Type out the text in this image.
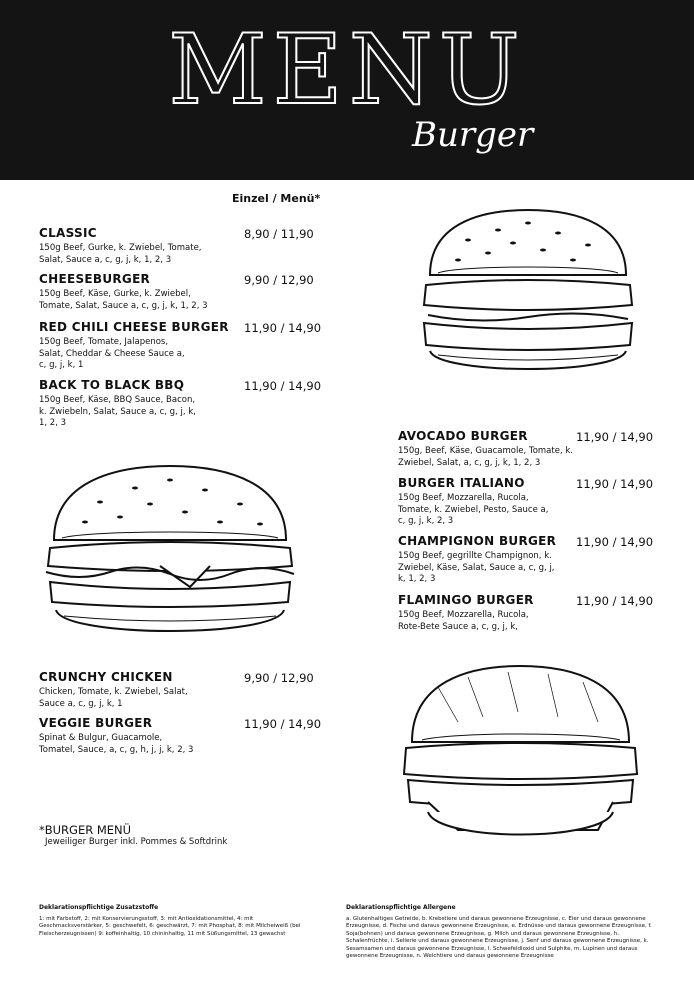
MENU
Burger
Einzel / Menü*
CLASSIC
150g Beef, Gurke, k. Zwiebel, Tomate, Salat, Sauce a, c, g, j, k, 1, 2, 3
8,90 / 11,90
CHEESEBURGER
150g Beef, Käse, Gurke, k. Zwiebel, Tomate, Salat, Sauce a, c, g, j, k, 1, 2, 3
9,90 / 12,90
RED CHILI CHEESE BURGER
150g Beef, Tomate, Jalapenos, Salat, Cheddar & Cheese Sauce a, c, g, j, k, 1
11,90 / 14,90
BACK TO BLACK BBQ
150g Beef, Käse, BBQ Sauce, Bacon, k. Zwiebeln, Salat, Sauce a, c, g, j, k, 1, 2, 3
11,90 / 14,90
CRUNCHY CHICKEN
Chicken, Tomate, k. Zwiebel, Salat, Sauce a, c, g, j, k, 1
9,90 / 12,90
VEGGIE BURGER
Spinat & Bulgur, Guacamole, Tomatel, Sauce, a, c, g, h, j, j, k, 2, 3
11,90 / 14,90
AVOCADO BURGER
150g, Beef, Käse, Guacamole, Tomate, k. Zwiebel, Salat, a, c, g, j, k, 1, 2, 3
11,90 / 14,90
BURGER ITALIANO
150g Beef, Mozzarella, Rucola, Tomate, k. Zwiebel, Pesto, Sauce a, c, g, j, k, 2, 3
11,90 / 14,90
CHAMPIGNON BURGER
150g Beef, gegrillte Champignon, k. Zwiebel, Käse, Salat, Sauce a, c, g, j, k, 1, 2, 3
11,90 / 14,90
FLAMINGO BURGER
150g Beef, Mozzarella, Rucola, Rote-Bete Sauce a, c, g, j, k,
11,90 / 14,90
*BURGER MENÜ
Jeweiliger Burger inkl. Pommes & Softdrink
Deklarationspflichtige Zusatzstoffe
1: mit Farbstoff, 2: mit Konservierungsstoff, 3: mit Antioxidationsmittel, 4: mit Geschmacksverstärker, 5: geschwefelt, 6: geschwärzt, 7: mit Phosphat, 8: mit Milcheiweiß (bei Fleischerzeugnissen) 9: koffeinhaltig, 10 chininhaltig, 11 mit Süßungsmittel, 13 gewachst
Deklarationspflichtige Allergene
a. Glutenhaltiges Getreide, b. Krebstiere und daraus gewonnene Erzeugnisse, c. Eier und daraus gewonnene Erzeugnisse, d. Fische und daraus gewonnene Erzeugnisse, e. Erdnüsse und daraus gewonnene Erzeugnisse, f. Soja(bohnen) und daraus gewonnene Erzeugnisse, g. Milch und daraus gewonnene Erzeugnisse, h. Schalenfrüchte, i. Sellerie und daraus gewonnene Erzeugnisse, j. Senf und daraus gewonnene Erzeugnisse, k. Sesamsamen und daraus gewonnene Erzeugnisse, l. Schwefeldioxid und Sulphite, m. Lupinen und daraus gewonnene Erzeugnisse, n. Weichtiere und daraus gewonnene Erzeugnisse
